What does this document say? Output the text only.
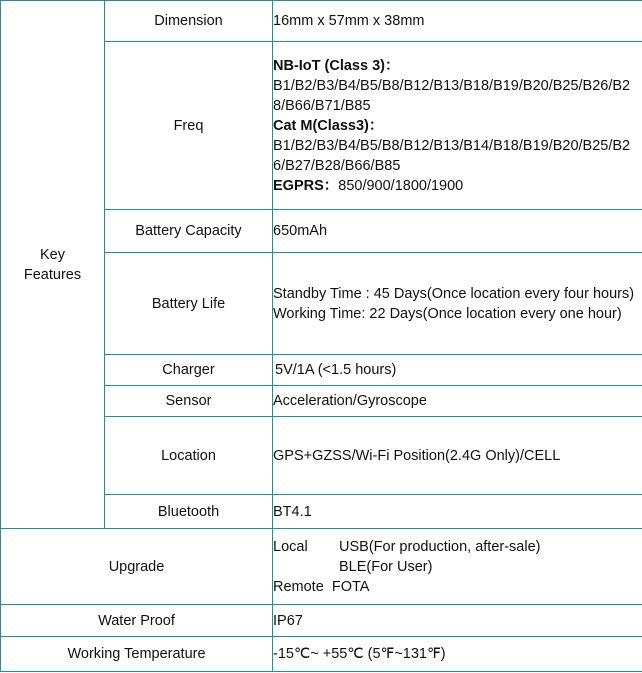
Key
Features	Dimension	16mm x 57mm x 38mm
	Freq	NB-IoT (Class 3)：
B1/B2/B3/B4/B5/B8/B12/B13/B18/B19/B20/B25/B26/B28/B66/B71/B85
Cat M(Class3)：
B1/B2/B3/B4/B5/B8/B12/B13/B14/B18/B19/B20/B25/B26/B27/B28/B66/B85
EGPRS：850/900/1800/1900

	Battery Capacity	650mAh
	Battery Life	Standby Time : 45 Days(Once location every four hours)
Working Time: 22 Days(Once location every one hour)

	Charger	5V/1A (<1.5 hours)
	Sensor	Acceleration/Gyroscope
	Location	GPS+GZSS/Wi-Fi Position(2.4G Only)/CELL
	Bluetooth	BT4.1
Upgrade		Local USB(For production, after-sale)
BLE(For User)
Remote FOTA

Water Proof		IP67
Working Temperature		-15℃~ +55℃ (5℉~131℉)
